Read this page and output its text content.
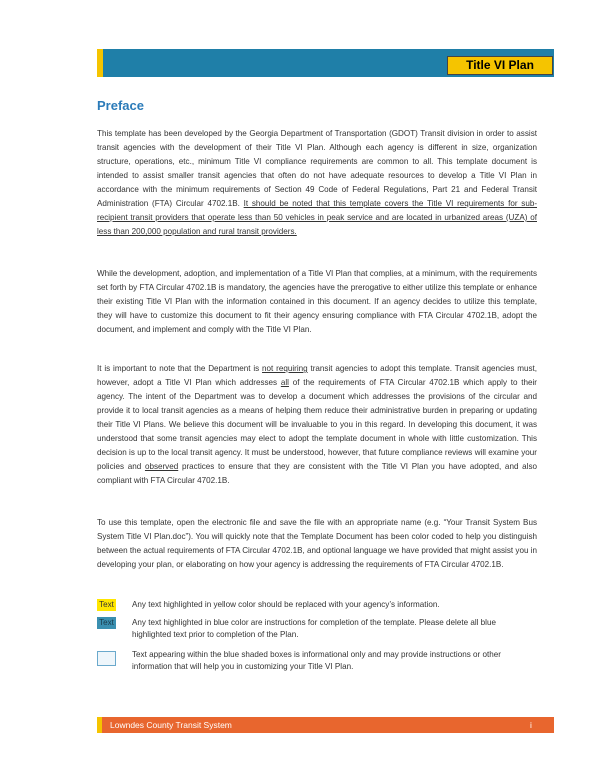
Title VI Plan
Preface

This template has been developed by the Georgia Department of Transportation (GDOT) Transit division in order to assist transit agencies with the development of their Title VI Plan. Although each agency is different in size, organization structure, operations, etc., minimum Title VI compliance requirements are common to all. This template document is intended to assist smaller transit agencies that often do not have adequate resources to develop a Title VI Plan in accordance with the minimum requirements of Section 49 Code of Federal Regulations, Part 21 and Federal Transit Administration (FTA) Circular 4702.1B. It should be noted that this template covers the Title VI requirements for sub-recipient transit providers that operate less than 50 vehicles in peak service and are located in urbanized areas (UZA) of less than 200,000 population and rural transit providers.

While the development, adoption, and implementation of a Title VI Plan that complies, at a minimum, with the requirements set forth by FTA Circular 4702.1B is mandatory, the agencies have the prerogative to either utilize this template or enhance their existing Title VI Plan with the information contained in this document. If an agency decides to utilize this template, they will have to customize this document to fit their agency ensuring compliance with FTA Circular 4702.1B, adopt the document, and implement and comply with the Title VI Plan.

It is important to note that the Department is not requiring transit agencies to adopt this template. Transit agencies must, however, adopt a Title VI Plan which addresses all of the requirements of FTA Circular 4702.1B which apply to their agency. The intent of the Department was to develop a document which addresses the provisions of the circular and provide it to local transit agencies as a means of helping them reduce their administrative burden in preparing or updating their Title VI Plans. We believe this document will be invaluable to you in this regard. In developing this document, it was understood that some transit agencies may elect to adopt the template document in whole with little customization. This decision is up to the local transit agency. It must be understood, however, that future compliance reviews will examine your policies and observed practices to ensure that they are consistent with the Title VI Plan you have adopted, and also compliant with FTA Circular 4702.1B.

To use this template, open the electronic file and save the file with an appropriate name (e.g. “Your Transit System Bus System Title VI Plan.doc”). You will quickly note that the Template Document has been color coded to help you distinguish between the actual requirements of FTA Circular 4702.1B, and optional language we have provided that might assist you in developing your plan, or elaborating on how your agency is addressing the requirements of FTA Circular 4702.1B.

Text Any text highlighted in yellow color should be replaced with your agency’s information.

Text Any text highlighted in blue color are instructions for completion of the template. Please delete all blue highlighted text prior to completion of the Plan.

Text appearing within the blue shaded boxes is informational only and may provide instructions or other information that will help you in customizing your Title VI Plan.

Lowndes County Transit System	i
